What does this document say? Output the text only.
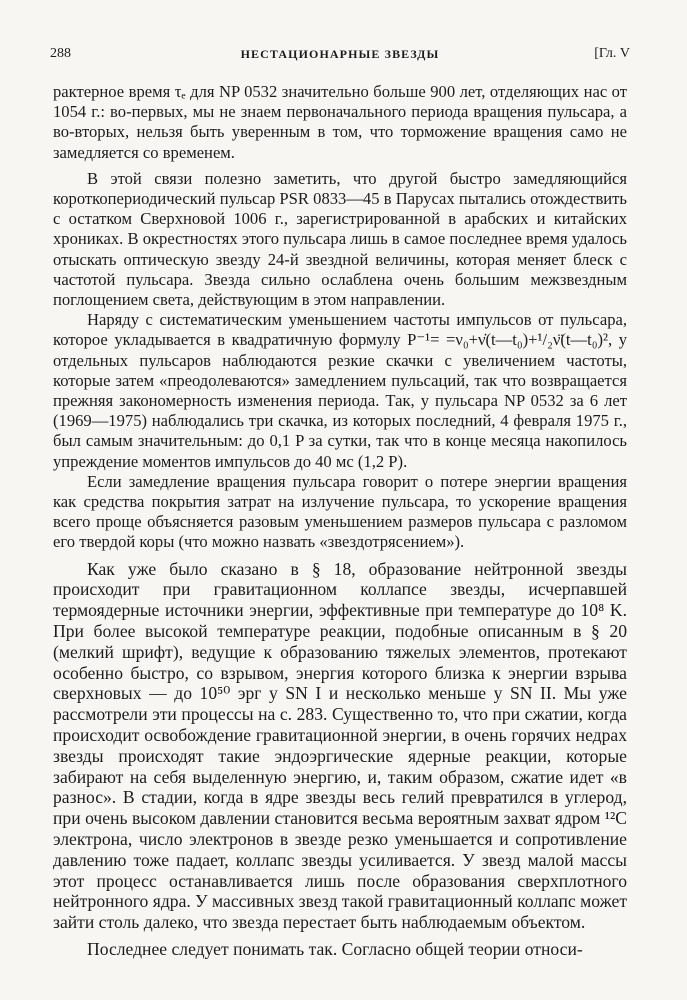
288	НЕСТАЦИОНАРНЫЕ ЗВЕЗДЫ	[Гл. V

рактерное время τₑ для NP 0532 значительно больше 900 лет, отделяющих нас от 1054 г.: во-первых, мы не знаем первоначального периода вращения пульсара, а во-вторых, нельзя быть уверенным в том, что торможение вращения само не замедляется со временем.

В этой связи полезно заметить, что другой быстро замедляющийся короткопериодический пульсар PSR 0833—45 в Парусах пытались отождествить с остатком Сверхновой 1006 г., зарегистрированной в арабских и китайских хрониках. В окрестностях этого пульсара лишь в самое последнее время удалось отыскать оптическую звезду 24-й звездной величины, которая меняет блеск с частотой пульсара. Звезда сильно ослаблена очень большим межзвездным поглощением света, действующим в этом направлении.

Наряду с систематическим уменьшением частоты импульсов от пульсара, которое укладывается в квадратичную формулу P⁻¹= =ν₀+ν̇(t—t₀)+¹/₂ν̈(t—t₀)², у отдельных пульсаров наблюдаются резкие скачки с увеличением частоты, которые затем «преодолеваются» замедлением пульсаций, так что возвращается прежняя закономерность изменения периода. Так, у пульсара NP 0532 за 6 лет (1969—1975) наблюдались три скачка, из которых последний, 4 февраля 1975 г., был самым значительным: до 0,1 P за сутки, так что в конце месяца накопилось упреждение моментов импульсов до 40 мс (1,2 P).

Если замедление вращения пульсара говорит о потере энергии вращения как средства покрытия затрат на излучение пульсара, то ускорение вращения всего проще объясняется разовым уменьшением размеров пульсара с разломом его твердой коры (что можно назвать «звездотрясением»).

Как уже было сказано в § 18, образование нейтронной звезды происходит при гравитационном коллапсе звезды, исчерпавшей термоядерные источники энергии, эффективные при температуре до 10⁸ K. При более высокой температуре реакции, подобные описанным в § 20 (мелкий шрифт), ведущие к образованию тяжелых элементов, протекают особенно быстро, со взрывом, энергия которого близка к энергии взрыва сверхновых — до 10⁵⁰ эрг у SN I и несколько меньше у SN II. Мы уже рассмотрели эти процессы на с. 283. Существенно то, что при сжатии, когда происходит освобождение гравитационной энергии, в очень горячих недрах звезды происходят такие эндоэргические ядерные реакции, которые забирают на себя выделенную энергию, и, таким образом, сжатие идет «в разнос». В стадии, когда в ядре звезды весь гелий превратился в углерод, при очень высоком давлении становится весьма вероятным захват ядром ¹²C электрона, число электронов в звезде резко уменьшается и сопротивление давлению тоже падает, коллапс звезды усиливается. У звезд малой массы этот процесс останавливается лишь после образования сверхплотного нейтронного ядра. У массивных звезд такой гравитационный коллапс может зайти столь далеко, что звезда перестает быть наблюдаемым объектом.

Последнее следует понимать так. Согласно общей теории относи-
